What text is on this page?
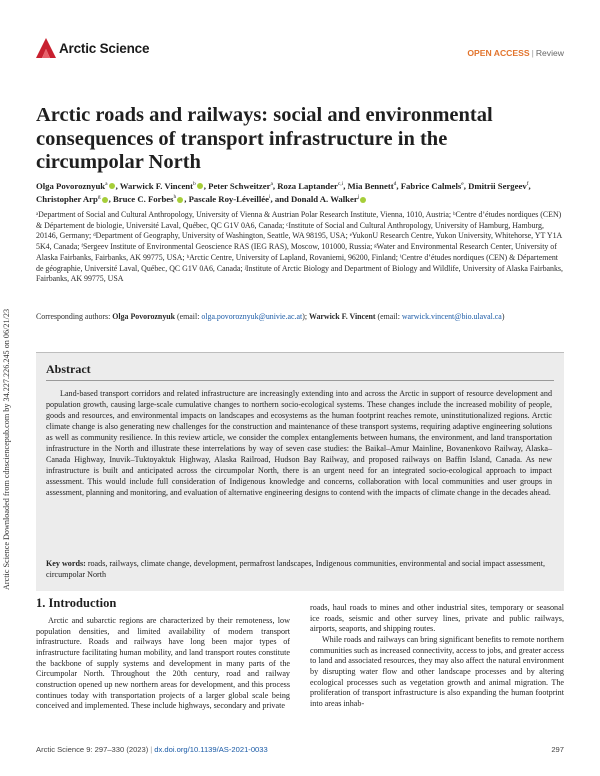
Arctic Science Downloaded from cdnsciencepub.com by 34.227.226.245 on 06/21/23
Arctic Science	OPEN ACCESS | Review
Arctic roads and railways: social and environmental consequences of transport infrastructure in the circumpolar North
Olga Povoroznyuk$^a$ , Warwick F. Vincent$^b$ , Peter Schweitzer$^a$, Roza Laptander$^{c,i}$, Mia Bennett$^d$, Fabrice Calmels$^e$, Dmitrii Sergeev$^f$, Christopher Arp$^g$ , Bruce C. Forbes$^h$ , Pascale Roy-Léveillée$^i$, and Donald A. Walker$^j$
ᵃDepartment of Social and Cultural Anthropology, University of Vienna & Austrian Polar Research Institute, Vienna, 1010, Austria; ᵇCentre d’études nordiques (CEN) & Département de biologie, Université Laval, Québec, QC G1V 0A6, Canada; ᶜInstitute of Social and Cultural Anthropology, University of Hamburg, Hamburg, 20146, Germany; ᵈDepartment of Geography, University of Washington, Seattle, WA 98195, USA; ᵉYukonU Research Centre, Yukon University, Whitehorse, YT Y1A 5K4, Canada; ᶠSergeev Institute of Environmental Geoscience RAS (IEG RAS), Moscow, 101000, Russia; ᵍWater and Environmental Research Center, University of Alaska Fairbanks, Fairbanks, AK 99775, USA; ʰArctic Centre, University of Lapland, Rovaniemi, 96200, Finland; ⁱCentre d’études nordiques (CEN) & Département de géographie, Université Laval, Québec, QC G1V 0A6, Canada; ʲInstitute of Arctic Biology and Department of Biology and Wildlife, University of Alaska Fairbanks, Fairbanks, AK 99775, USA
Corresponding authors: Olga Povoroznyuk (email: olga.povoroznyuk@univie.ac.at); Warwick F. Vincent (email: warwick.vincent@bio.ulaval.ca)
Abstract

Land-based transport corridors and related infrastructure are increasingly extending into and across the Arctic in support of resource development and population growth, causing large-scale cumulative changes to northern socio-ecological systems. These changes include the increased mobility of people, goods and resources, and environmental impacts on landscapes and ecosystems as the human footprint reaches remote, uninstitutionalized regions. Arctic climate change is also generating new challenges for the construction and maintenance of these transport systems, requiring adaptive engineering solutions as well as community resilience. In this review article, we consider the complex entanglements between humans, the environment, and land transportation infrastructure in the North and illustrate these interrelations by way of seven case studies: the Baikal–Amur Mainline, Bovanenkovo Railway, Alaska–Canada Highway, Inuvik–Tuktoyaktuk Highway, Alaska Railroad, Hudson Bay Railway, and proposed railways on Baffin Island, Canada. As new infrastructure is built and anticipated across the circumpolar North, there is an urgent need for an integrated socio-ecological approach to impact assessment. This would include full consideration of Indigenous knowledge and concerns, collaboration with local communities and user groups in assessment, planning and monitoring, and evaluation of alternative engineering designs to contend with the impacts of climate change in the decades ahead.

Key words: roads, railways, climate change, development, permafrost landscapes, Indigenous communities, environmental and social impact assessment, circumpolar North

1. Introduction

Arctic and subarctic regions are characterized by their remoteness, low population densities, and limited availability of modern transport infrastructure. Roads and railways have long been major types of infrastructure facilitating human mobility, and land transport routes constitute the backbone of supply systems and development in many parts of the Circumpolar North. Throughout the 20th century, road and railway construction opened up new northern areas for development, and this process continues today with transportation projects of a larger global scale being conceived and implemented. These include highways, secondary and private

roads, haul roads to mines and other industrial sites, temporary or seasonal ice roads, seismic and other survey lines, private and public railways, airports, seaports, and shipping routes.

While roads and railways can bring significant benefits to remote northern communities such as increased connectivity, access to jobs, and greater access to land and associated resources, they may also affect the natural environment by disrupting water flow and other landscape processes and by altering ecological processes such as vegetation growth and animal migration. The proliferation of transport infrastructure is also expanding the human footprint into areas inhab-

Arctic Science 9: 297–330 (2023) | dx.doi.org/10.1139/AS-2021-0033	297
